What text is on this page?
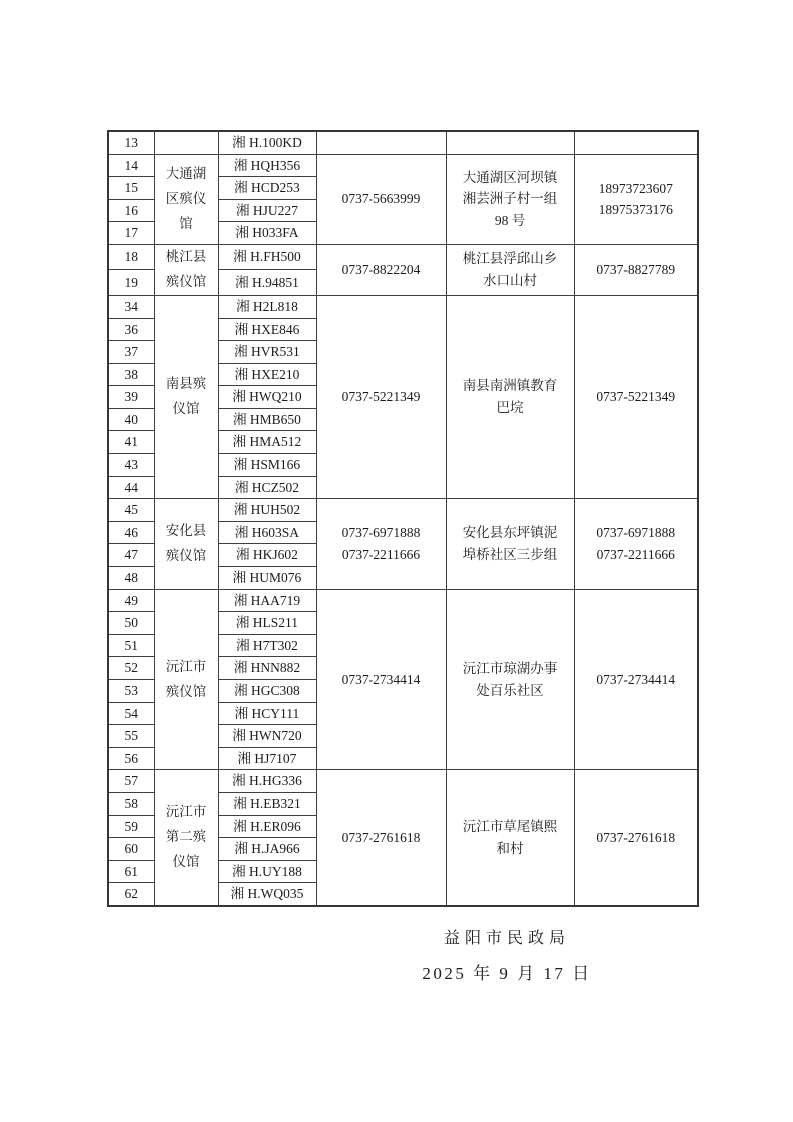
13		湘 H.100KD			
14	大通湖
区殡仪
馆	湘 HQH356	0737-5663999	大通湖区河坝镇
湘芸洲子村一组
98 号	18973723607
18975373176
15		湘 HCD253			
16		湘 HJU227			
17		湘 H033FA			
18	桃江县
殡仪馆	湘 H.FH500	0737-8822204	桃江县浮邱山乡
水口山村	0737-8827789
19		湘 H.94851			
34	南县殡
仪馆	湘 H2L818	0737-5221349	南县南洲镇教育
巴垸	0737-5221349
36		湘 HXE846			
37		湘 HVR531			
38		湘 HXE210			
39		湘 HWQ210			
40		湘 HMB650			
41		湘 HMA512			
43		湘 HSM166			
44		湘 HCZ502			
45	安化县
殡仪馆	湘 HUH502	0737-6971888
0737-2211666	安化县东坪镇泥
埠桥社区三步组	0737-6971888
0737-2211666
46		湘 H603SA			
47		湘 HKJ602			
48		湘 HUM076			
49	沅江市
殡仪馆	湘 HAA719	0737-2734414	沅江市琼湖办事
处百乐社区	0737-2734414
50		湘 HLS211			
51		湘 H7T302			
52		湘 HNN882			
53		湘 HGC308			
54		湘 HCY111			
55		湘 HWN720			
56		湘 HJ7107			
57	沅江市
第二殡
仪馆	湘 H.HG336	0737-2761618	沅江市草尾镇熙
和村	0737-2761618
58		湘 H.EB321			
59		湘 H.ER096			
60		湘 H.JA966			
61		湘 H.UY188			
62		湘 H.WQ035			
益阳市民政局
2025 年 9 月 17 日
